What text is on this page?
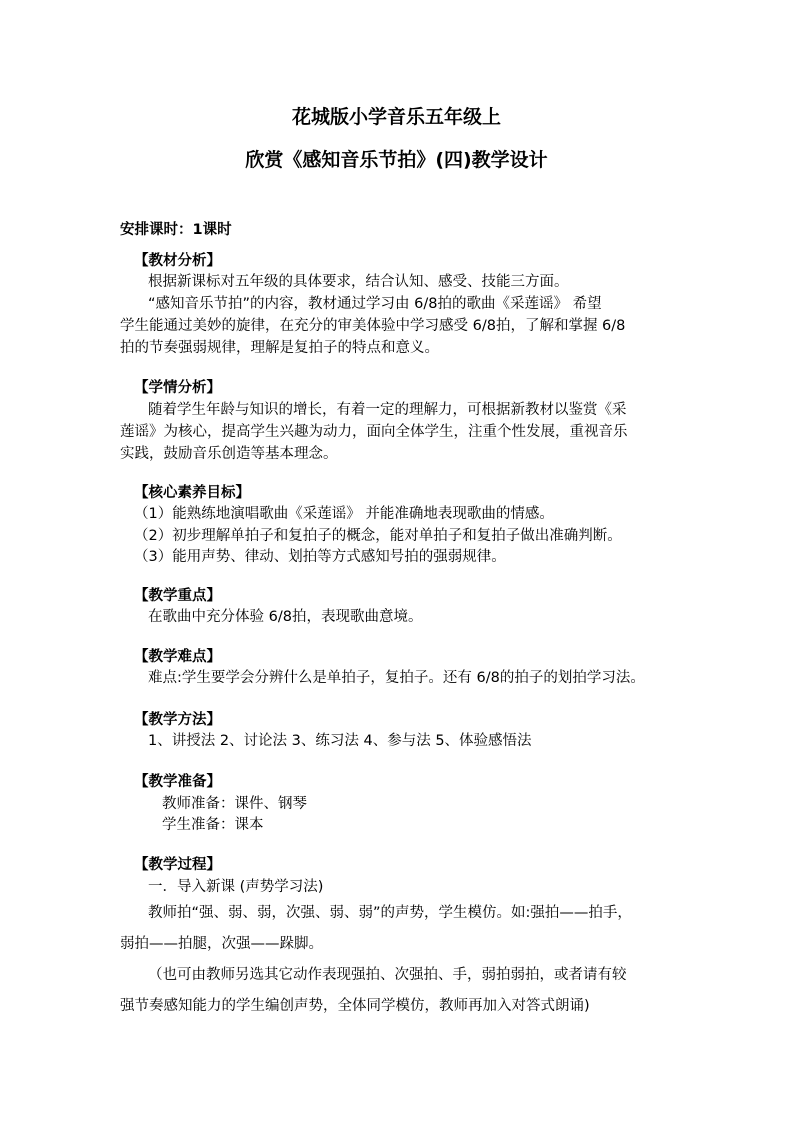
花城版小学音乐五年级上
欣赏《感知音乐节拍》(四)教学设计
安排课时：1课时
【教材分析】
根据新课标对五年级的具体要求，结合认知、感受、技能三方面。
“感知音乐节拍”的内容，教材通过学习由 6/8拍的歌曲《采莲谣》 希望
学生能通过美妙的旋律，在充分的审美体验中学习感受 6/8拍，了解和掌握 6/8
拍的节奏强弱规律，理解是复拍子的特点和意义。
【学情分析】
随着学生年龄与知识的增长，有着一定的理解力，可根据新教材以鉴赏《采
莲谣》为核心，提高学生兴趣为动力，面向全体学生，注重个性发展，重视音乐
实践，鼓励音乐创造等基本理念。
【核心素养目标】
（1）能熟练地演唱歌曲《采莲谣》 并能准确地表现歌曲的情感。
（2）初步理解单拍子和复拍子的概念，能对单拍子和复拍子做出准确判断。
（3）能用声势、律动、划拍等方式感知号拍的强弱规律。
【教学重点】
在歌曲中充分体验 6/8拍，表现歌曲意境。
【教学难点】
难点:学生要学会分辨什么是单拍子，复拍子。还有 6/8的拍子的划拍学习法。
【教学方法】
1、讲授法 2、讨论法 3、练习法 4、参与法 5、体验感悟法
【教学准备】
教师准备：课件、钢琴
学生准备：课本
【教学过程】
一．导入新课 (声势学习法)
教师拍“强、弱、弱，次强、弱、弱”的声势，学生模仿。如:强拍——拍手，
弱拍——拍腿，次强——跺脚。
（也可由教师另选其它动作表现强拍、次强拍、手，弱拍弱拍，或者请有较
强节奏感知能力的学生编创声势，全体同学模仿，教师再加入对答式朗诵)
